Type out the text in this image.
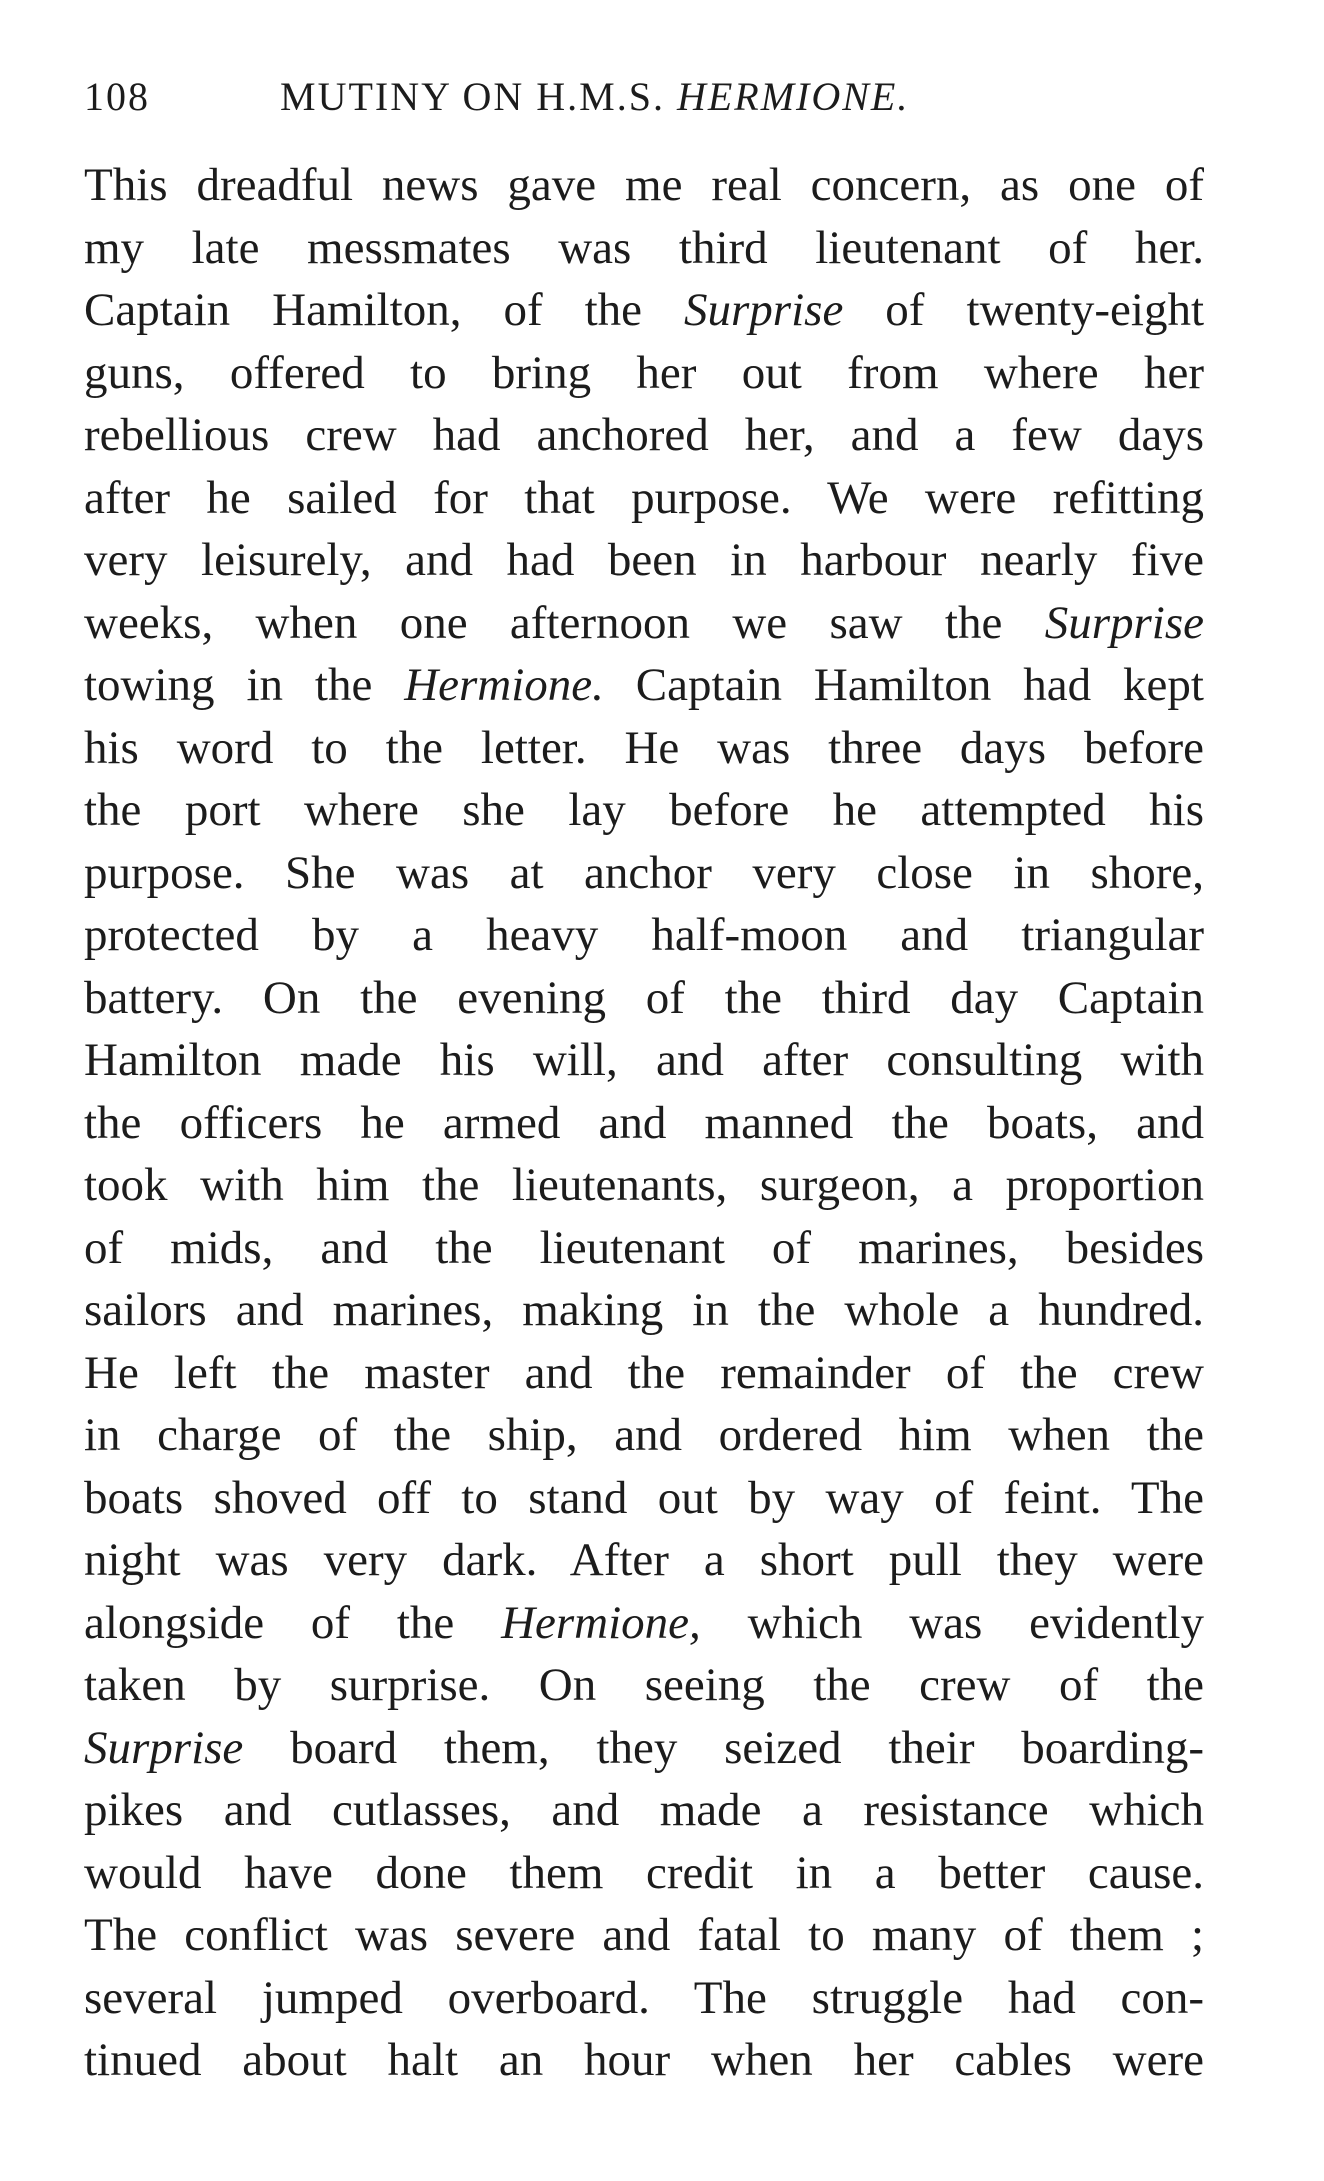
108	MUTINY ON H.M.S. HERMIONE.
This dreadful news gave me real concern, as one of
my late messmates was third lieutenant of her.
Captain Hamilton, of the Surprise of twenty-eight
guns, offered to bring her out from where her
rebellious crew had anchored her, and a few days
after he sailed for that purpose. We were refitting
very leisurely, and had been in harbour nearly five
weeks, when one afternoon we saw the Surprise
towing in the Hermione. Captain Hamilton had kept
his word to the letter. He was three days before
the port where she lay before he attempted his
purpose. She was at anchor very close in shore,
protected by a heavy half-moon and triangular
battery. On the evening of the third day Captain
Hamilton made his will, and after consulting with
the officers he armed and manned the boats, and
took with him the lieutenants, surgeon, a proportion
of mids, and the lieutenant of marines, besides
sailors and marines, making in the whole a hundred.
He left the master and the remainder of the crew
in charge of the ship, and ordered him when the
boats shoved off to stand out by way of feint. The
night was very dark. After a short pull they were
alongside of the Hermione, which was evidently
taken by surprise. On seeing the crew of the
Surprise board them, they seized their boarding-
pikes and cutlasses, and made a resistance which
would have done them credit in a better cause.
The conflict was severe and fatal to many of them ;
several jumped overboard. The struggle had con-
tinued about halt an hour when her cables were
